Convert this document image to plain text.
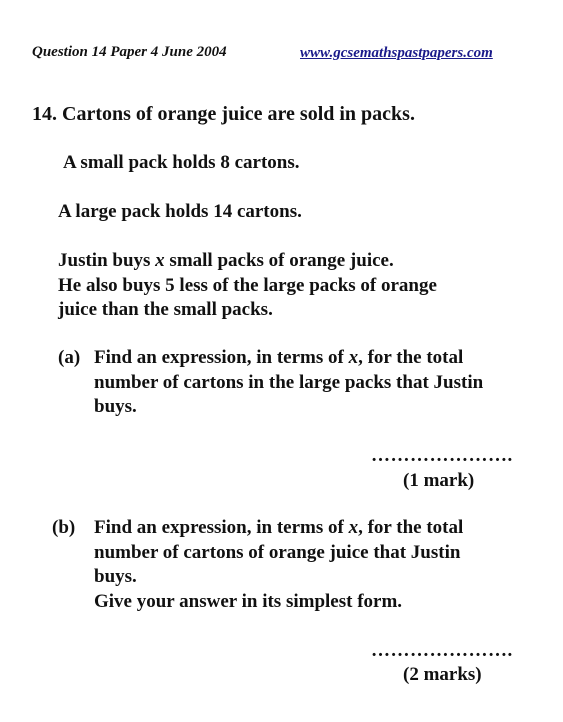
Question 14 Paper 4 June 2004	www.gcsemathspastpapers.com
14. Cartons of orange juice are sold in packs.
A small pack holds 8 cartons.
A large pack holds 14 cartons.
Justin buys x small packs of orange juice.
He also buys 5 less of the large packs of orange
juice than the small packs.
(a) Find an expression, in terms of x, for the total
number of cartons in the large packs that Justin
buys.
………………….
(1 mark)
(b) Find an expression, in terms of x, for the total
number of cartons of orange juice that Justin
buys.
Give your answer in its simplest form.
………………….
(2 marks)
